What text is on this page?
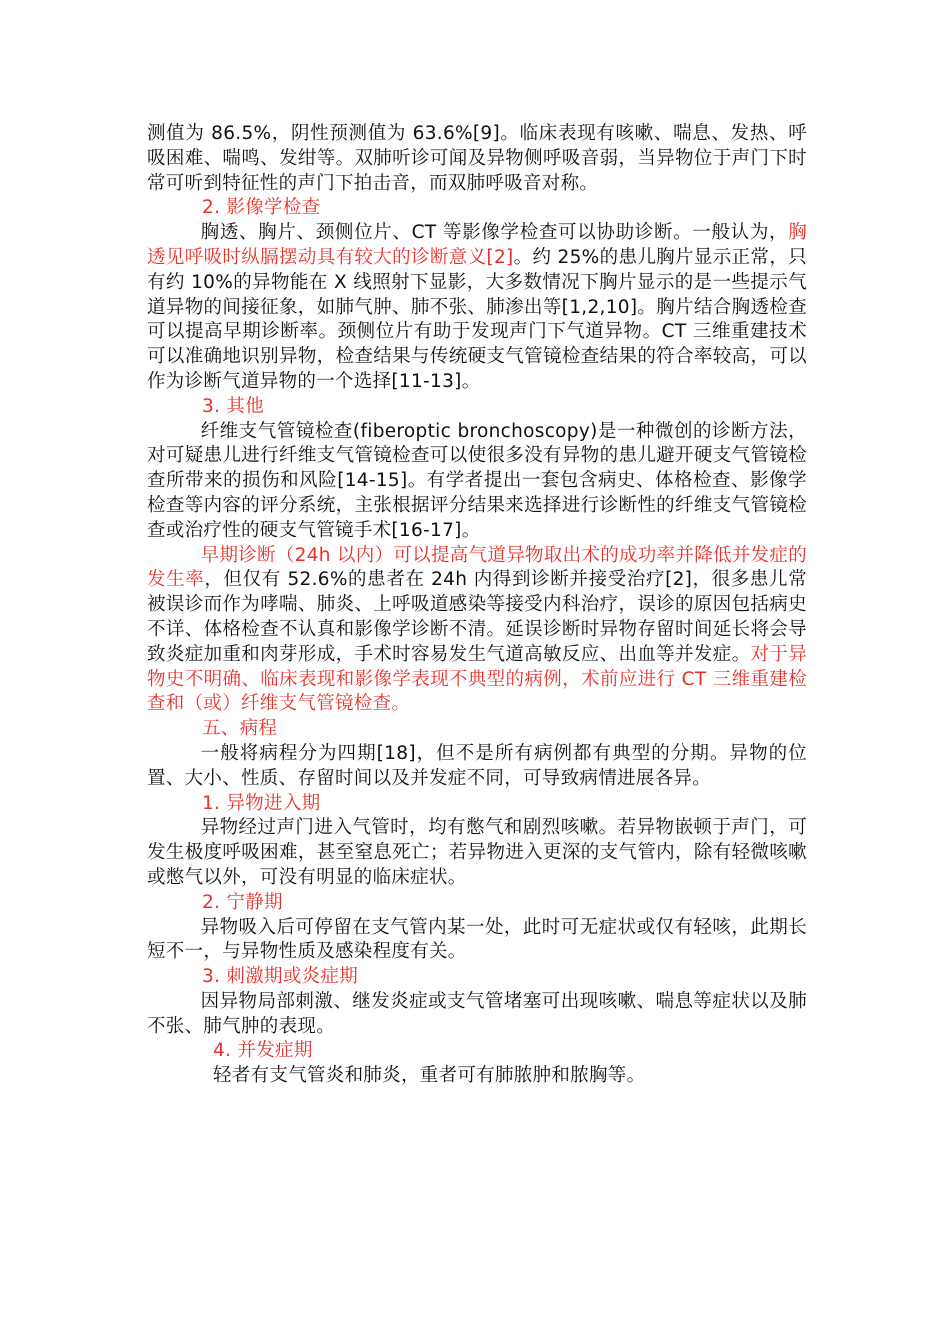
测值为 86.5%，阴性预测值为 63.6%[9]。临床表现有咳嗽、喘息、发热、呼吸困难、喘鸣、发绀等。双肺听诊可闻及异物侧呼吸音弱，当异物位于声门下时常可听到特征性的声门下拍击音，而双肺呼吸音对称。

2. 影像学检查

胸透、胸片、颈侧位片、CT 等影像学检查可以协助诊断。一般认为，胸透见呼吸时纵膈摆动具有较大的诊断意义[2]。约 25%的患儿胸片显示正常，只有约 10%的异物能在 X 线照射下显影，大多数情况下胸片显示的是一些提示气道异物的间接征象，如肺气肿、肺不张、肺渗出等[1,2,10]。胸片结合胸透检查可以提高早期诊断率。颈侧位片有助于发现声门下气道异物。CT 三维重建技术可以准确地识别异物，检查结果与传统硬支气管镜检查结果的符合率较高，可以作为诊断气道异物的一个选择[11-13]。

3. 其他

纤维支气管镜检查(fiberoptic bronchoscopy)是一种微创的诊断方法，对可疑患儿进行纤维支气管镜检查可以使很多没有异物的患儿避开硬支气管镜检查所带来的损伤和风险[14-15]。有学者提出一套包含病史、体格检查、影像学检查等内容的评分系统，主张根据评分结果来选择进行诊断性的纤维支气管镜检查或治疗性的硬支气管镜手术[16-17]。

早期诊断（24h 以内）可以提高气道异物取出术的成功率并降低并发症的发生率，但仅有 52.6%的患者在 24h 内得到诊断并接受治疗[2]，很多患儿常被误诊而作为哮喘、肺炎、上呼吸道感染等接受内科治疗，误诊的原因包括病史不详、体格检查不认真和影像学诊断不清。延误诊断时异物存留时间延长将会导致炎症加重和肉芽形成，手术时容易发生气道高敏反应、出血等并发症。对于异物史不明确、临床表现和影像学表现不典型的病例，术前应进行 CT 三维重建检查和（或）纤维支气管镜检查。

五、病程

一般将病程分为四期[18]，但不是所有病例都有典型的分期。异物的位置、大小、性质、存留时间以及并发症不同，可导致病情进展各异。

1. 异物进入期

异物经过声门进入气管时，均有憋气和剧烈咳嗽。若异物嵌顿于声门，可发生极度呼吸困难，甚至窒息死亡；若异物进入更深的支气管内，除有轻微咳嗽或憋气以外，可没有明显的临床症状。

2. 宁静期

异物吸入后可停留在支气管内某一处，此时可无症状或仅有轻咳，此期长短不一，与异物性质及感染程度有关。

3. 刺激期或炎症期

因异物局部刺激、继发炎症或支气管堵塞可出现咳嗽、喘息等症状以及肺不张、肺气肿的表现。

4. 并发症期

轻者有支气管炎和肺炎，重者可有肺脓肿和脓胸等。
